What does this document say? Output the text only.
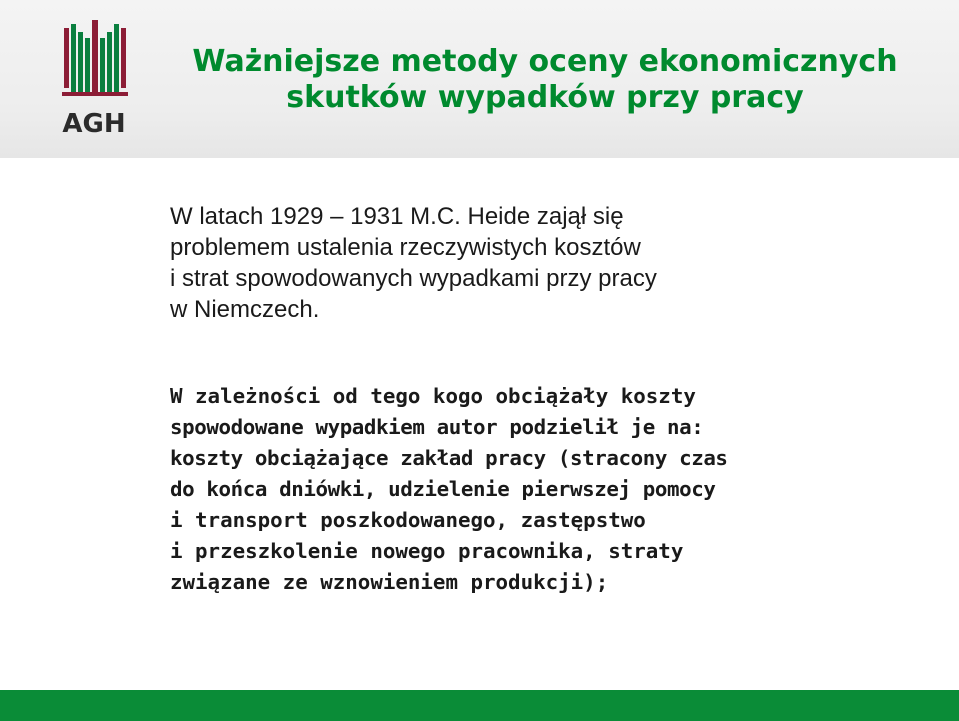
AGH
Ważniejsze metody oceny ekonomicznych
skutków wypadków przy pracy

W latach 1929 – 1931 M.C. Heide zajął się
problemem ustalenia rzeczywistych kosztów
i strat spowodowanych wypadkami przy pracy
w Niemczech.

W zależności od tego kogo obciążały koszty
spowodowane wypadkiem autor podzielił je na:
koszty obciążające zakład pracy (stracony czas
do końca dniówki, udzielenie pierwszej pomocy
i transport poszkodowanego, zastępstwo
i przeszkolenie nowego pracownika, straty
związane ze wznowieniem produkcji);
